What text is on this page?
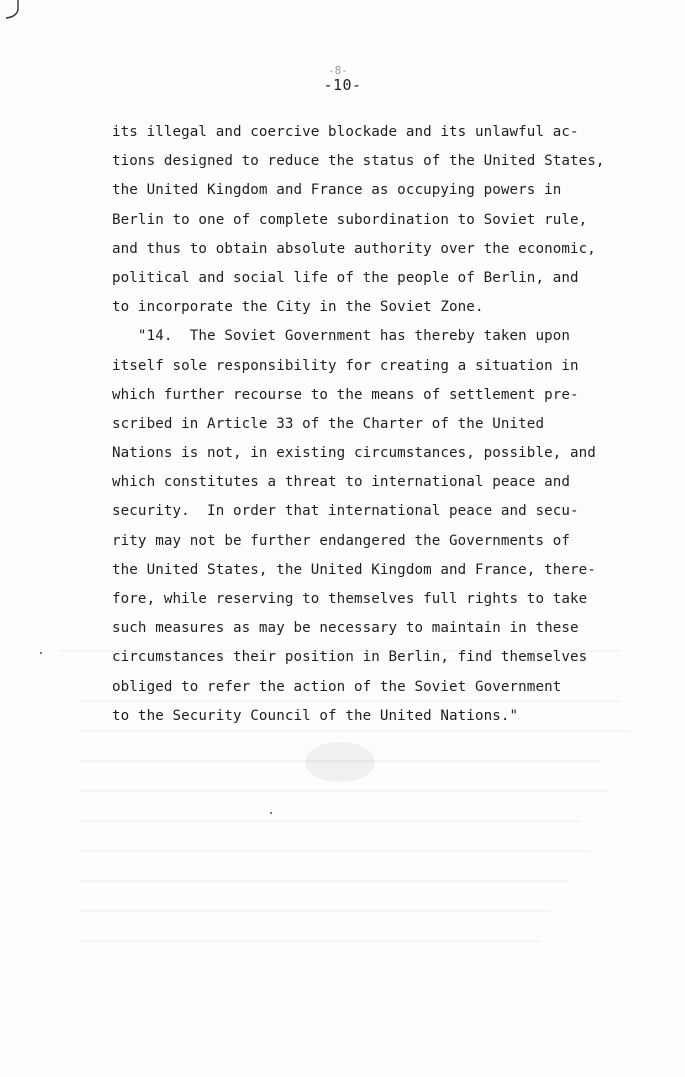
-8-
-10-
its illegal and coercive blockade and its unlawful ac-
tions designed to reduce the status of the United States,
the United Kingdom and France as occupying powers in
Berlin to one of complete subordination to Soviet rule,
and thus to obtain absolute authority over the economic,
political and social life of the people of Berlin, and
to incorporate the City in the Soviet Zone.
"14.  The Soviet Government has thereby taken upon
itself sole responsibility for creating a situation in
which further recourse to the means of settlement pre-
scribed in Article 33 of the Charter of the United
Nations is not, in existing circumstances, possible, and
which constitutes a threat to international peace and
security.  In order that international peace and secu-
rity may not be further endangered the Governments of
the United States, the United Kingdom and France, there-
fore, while reserving to themselves full rights to take
such measures as may be necessary to maintain in these
circumstances their position in Berlin, find themselves
obliged to refer the action of the Soviet Government
to the Security Council of the United Nations."
